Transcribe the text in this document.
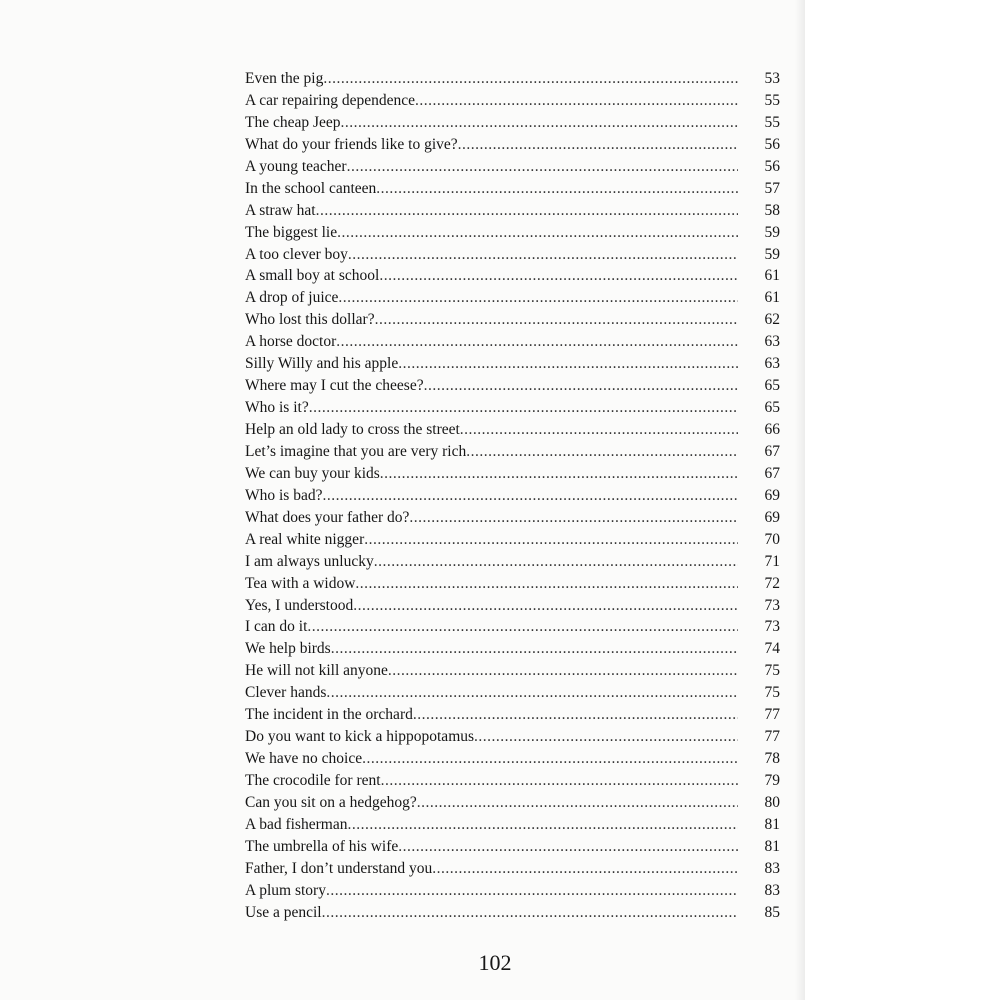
Even the pig .....	53
A car repairing dependence .....	55
The cheap Jeep .....	55
What do your friends like to give? .....	56
A young teacher .....	56
In the school canteen .....	57
A straw hat .....	58
The biggest lie .....	59
A too clever boy .....	59
A small boy at school .....	61
A drop of juice .....	61
Who lost this dollar? .....	62
A horse doctor .....	63
Silly Willy and his apple .....	63
Where may I cut the cheese? .....	65
Who is it? .....	65
Help an old lady to cross the street .....	66
Let’s imagine that you are very rich .....	67
We can buy your kids .....	67
Who is bad? .....	69
What does your father do? .....	69
A real white nigger .....	70
I am always unlucky .....	71
Tea with a widow .....	72
Yes, I understood .....	73
I can do it .....	73
We help birds .....	74
He will not kill anyone .....	75
Clever hands .....	75
The incident in the orchard .....	77
Do you want to kick a hippopotamus .....	77
We have no choice .....	78
The crocodile for rent .....	79
Can you sit on a hedgehog? .....	80
A bad fisherman .....	81
The umbrella of his wife .....	81
Father, I don’t understand you .....	83
A plum story .....	83
Use a pencil .....	85
102
